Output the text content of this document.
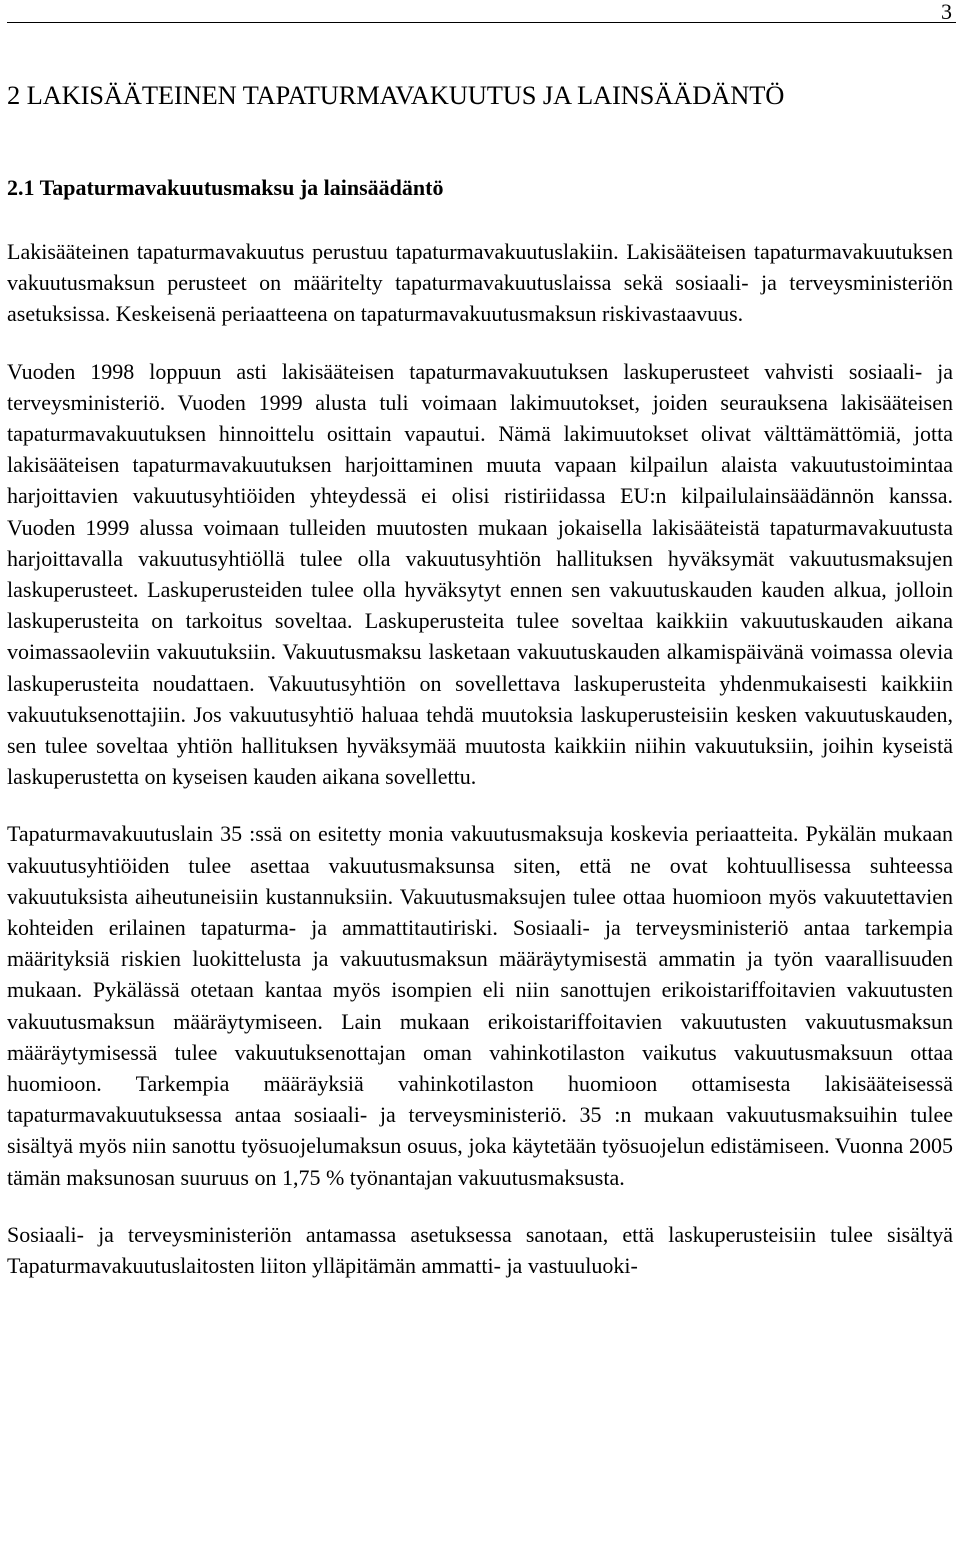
3
2 LAKISÄÄTEINEN TAPATURMAVAKUUTUS JA LAINSÄÄDÄNTÖ
2.1 Tapaturmavakuutusmaksu ja lainsäädäntö

Lakisääteinen tapaturmavakuutus perustuu tapaturmavakuutuslakiin. Lakisääteisen tapaturmavakuutuksen vakuutusmaksun perusteet on määritelty tapaturmavakuutuslaissa sekä sosiaali- ja terveysministeriön asetuksissa. Keskeisenä periaatteena on tapaturmavakuutusmaksun riskivastaavuus.

Vuoden 1998 loppuun asti lakisääteisen tapaturmavakuutuksen laskuperusteet vahvisti sosiaali- ja terveysministeriö. Vuoden 1999 alusta tuli voimaan lakimuutokset, joiden seurauksena lakisääteisen tapaturmavakuutuksen hinnoittelu osittain vapautui. Nämä lakimuutokset olivat välttämättömiä, jotta lakisääteisen tapaturmavakuutuksen harjoittaminen muuta vapaan kilpailun alaista vakuutustoimintaa harjoittavien vakuutusyhtiöiden yhteydessä ei olisi ristiriidassa EU:n kilpailulainsäädännön kanssa. Vuoden 1999 alussa voimaan tulleiden muutosten mukaan jokaisella lakisääteistä tapaturmavakuutusta harjoittavalla vakuutusyhtiöllä tulee olla vakuutusyhtiön hallituksen hyväksymät vakuutusmaksujen laskuperusteet. Laskuperusteiden tulee olla hyväksytyt ennen sen vakuutuskauden kauden alkua, jolloin laskuperusteita on tarkoitus soveltaa. Laskuperusteita tulee soveltaa kaikkiin vakuutuskauden aikana voimassaoleviin vakuutuksiin. Vakuutusmaksu lasketaan vakuutuskauden alkamispäivänä voimassa olevia laskuperusteita noudattaen. Vakuutusyhtiön on sovellettava laskuperusteita yhdenmukaisesti kaikkiin vakuutuksenottajiin. Jos vakuutusyhtiö haluaa tehdä muutoksia laskuperusteisiin kesken vakuutuskauden, sen tulee soveltaa yhtiön hallituksen hyväksymää muutosta kaikkiin niihin vakuutuksiin, joihin kyseistä laskuperustetta on kyseisen kauden aikana sovellettu.

Tapaturmavakuutuslain 35 :ssä on esitetty monia vakuutusmaksuja koskevia periaatteita. Pykälän mukaan vakuutusyhtiöiden tulee asettaa vakuutusmaksunsa siten, että ne ovat kohtuullisessa suhteessa vakuutuksista aiheutuneisiin kustannuksiin. Vakuutusmaksujen tulee ottaa huomioon myös vakuutettavien kohteiden erilainen tapaturma- ja ammattitautiriski. Sosiaali- ja terveysministeriö antaa tarkempia määrityksiä riskien luokittelusta ja vakuutusmaksun määräytymisestä ammatin ja työn vaarallisuuden mukaan. Pykälässä otetaan kantaa myös isompien eli niin sanottujen erikoistariffoitavien vakuutusten vakuutusmaksun määräytymiseen. Lain mukaan erikoistariffoitavien vakuutusten vakuutusmaksun määräytymisessä tulee vakuutuksenottajan oman vahinkotilaston vaikutus vakuutusmaksuun ottaa huomioon. Tarkempia määräyksiä vahinkotilaston huomioon ottamisesta lakisääteisessä tapaturmavakuutuksessa antaa sosiaali- ja terveysministeriö. 35 :n mukaan vakuutusmaksuihin tulee sisältyä myös niin sanottu työsuojelumaksun osuus, joka käytetään työsuojelun edistämiseen. Vuonna 2005 tämän maksunosan suuruus on 1,75 % työnantajan vakuutusmaksusta.

Sosiaali- ja terveysministeriön antamassa asetuksessa sanotaan, että laskuperusteisiin tulee sisältyä Tapaturmavakuutuslaitosten liiton ylläpitämän ammatti- ja vastuuluoki-
